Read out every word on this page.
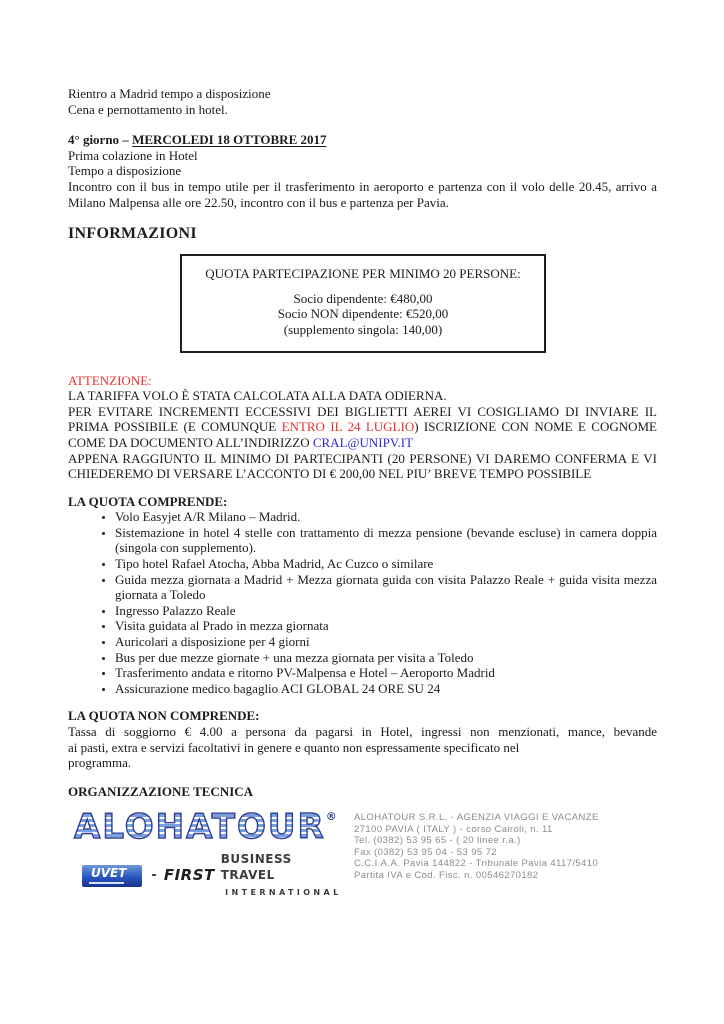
Rientro a Madrid tempo a disposizione
Cena e pernottamento in hotel.
4° giorno – MERCOLEDI 18 OTTOBRE 2017
Prima colazione in Hotel
Tempo a disposizione
Incontro con il bus in tempo utile per il trasferimento in aeroporto e partenza con il volo delle 20.45, arrivo a Milano Malpensa alle ore 22.50, incontro con il bus e partenza per Pavia.
INFORMAZIONI
QUOTA PARTECIPAZIONE PER MINIMO 20 PERSONE:
Socio dipendente: €480,00
Socio NON dipendente: €520,00
(supplemento singola: 140,00)
ATTENZIONE:
LA TARIFFA VOLO È STATA CALCOLATA ALLA DATA ODIERNA.
PER EVITARE INCREMENTI ECCESSIVI DEI BIGLIETTI AEREI VI COSIGLIAMO DI INVIARE IL PRIMA POSSIBILE (E COMUNQUE ENTRO IL 24 LUGLIO) ISCRIZIONE CON NOME E COGNOME COME DA DOCUMENTO ALL’INDIRIZZO CRAL@UNIPV.IT
APPENA RAGGIUNTO IL MINIMO DI PARTECIPANTI (20 PERSONE) VI DAREMO CONFERMA E VI CHIEDEREMO DI VERSARE L’ACCONTO DI € 200,00 NEL PIU’ BREVE TEMPO POSSIBILE
LA QUOTA COMPRENDE:
• Volo Easyjet A/R Milano – Madrid.
• Sistemazione in hotel 4 stelle con trattamento di mezza pensione (bevande escluse) in camera doppia (singola con supplemento).
• Tipo hotel Rafael Atocha, Abba Madrid, Ac Cuzco o similare
• Guida mezza giornata a Madrid + Mezza giornata guida con visita Palazzo Reale + guida visita mezza giornata a Toledo
• Ingresso Palazzo Reale
• Visita guidata al Prado in mezza giornata
• Auricolari a disposizione per 4 giorni
• Bus per due mezze giornate + una mezza giornata per visita a Toledo
• Trasferimento andata e ritorno PV-Malpensa e Hotel – Aeroporto Madrid
• Assicurazione medico bagaglio ACI GLOBAL 24 ORE SU 24
LA QUOTA NON COMPRENDE:
Tassa di soggiorno € 4.00 a persona da pagarsi in Hotel, ingressi non menzionati, mance, bevande
ai pasti, extra e servizi facoltativi in genere e quanto non espressamente specificato nel
programma.
ORGANIZZAZIONE TECNICA
ALOHATOUR®
UVET	- FIRST
BUSINESS TRAVEL
INTERNATIONAL
ALOHATOUR S.R.L. - AGENZIA VIAGGI E VACANZE
27100 PAVIA ( ITALY ) - corso Cairoli, n. 11
Tel. (0382) 53 95 65 - ( 20 linee r.a.)
Fax (0382) 53 95 04 - 53 95 72
C.C.I.A.A. Pavia 144822 - Tribunale Pavia 4117/5410
Partita IVA e Cod. Fisc. n. 00546270182
